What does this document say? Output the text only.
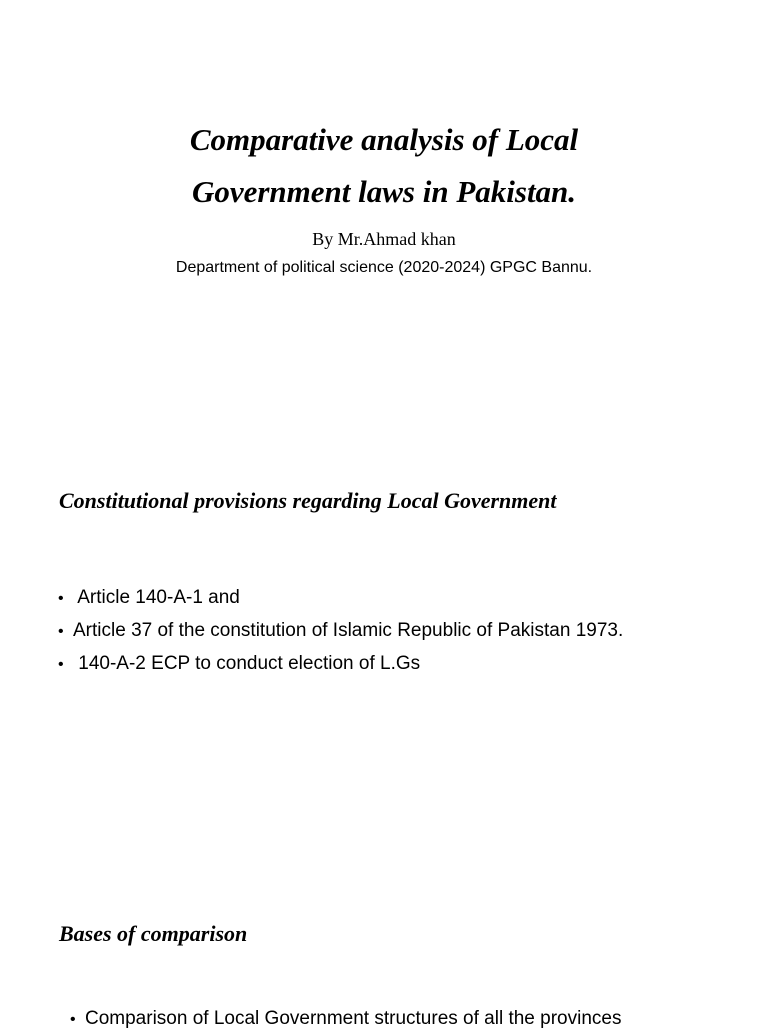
Comparative analysis of Local
Government laws in Pakistan.

By Mr.Ahmad khan

Department of political science (2020-2024) GPGC Bannu.

Constitutional provisions regarding Local Government
• Article 140-A-1 and
• Article 37 of the constitution of Islamic Republic of Pakistan 1973.
• 140-A-2 ECP to conduct election of L.Gs
Bases of comparison
• Comparison of Local Government structures of all the provinces
